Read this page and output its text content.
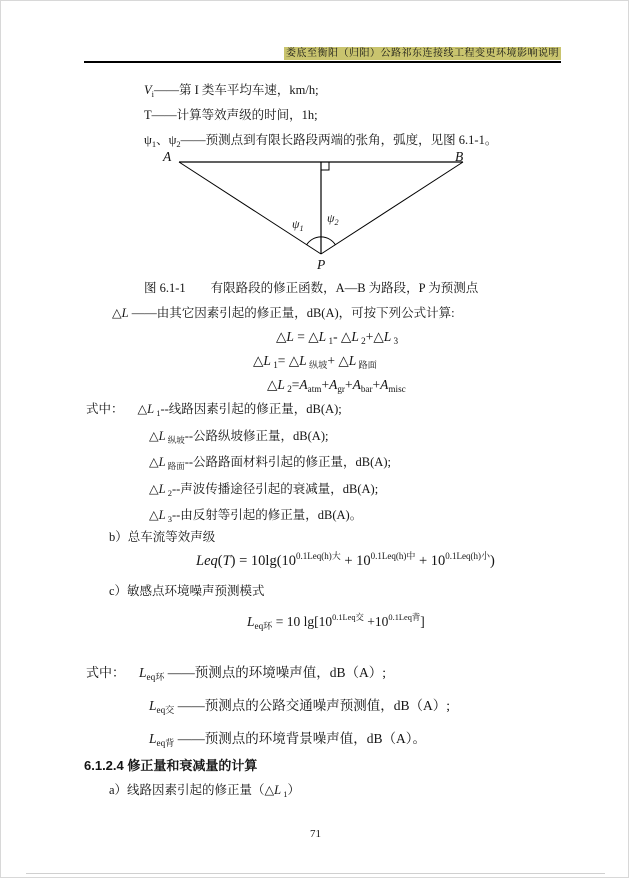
娄底至衡阳（归阳）公路祁东连接线工程变更环境影响说明
$V_i——$第 I 类车平均车速，km/h;
T——计算等效声级的时间，1h;
$\psi_1$、$\psi_2——$预测点到有限长路段两端的张角，弧度，见图 6.1-1。
A	B
$\psi_1$
$\psi_2$
P
图 6.1-1　　有限路段的修正函数，A—B 为路段，P 为预测点
△L ——由其它因素引起的修正量，dB(A)，可按下列公式计算:
△L = △L $_1$- △L $_2$+△L $_3$
△L $_1$= △L $_{纵坡}$+ △L $_{路面}$
△L $_2=A_{atm}+A_{gr}+A_{bar}+A_{misc}$
式中： △L $_1$--线路因素引起的修正量，dB(A);
△L $_{纵坡}$--公路纵坡修正量，dB(A);
△L $_{路面}$--公路路面材料引起的修正量，dB(A);
△L $_2$--声波传播途径引起的衰减量，dB(A);
△L $_3$--由反射等引起的修正量，dB(A)。
b）总车流等效声级
$Leq(T) = 10\lg(10^{0.1Leq(h)大} + 10^{0.1Leq(h)中} + 10^{0.1Leq(h)小})$
c）敏感点环境噪声预测模式
$L_{eq环} = 10$ $\lg[10^{0.1Leq交} +10^{0.1Leq背}]$
式中： $L_{eq环}$ ——预测点的环境噪声值，dB（A）;
$L_{eq交}$ ——预测点的公路交通噪声预测值，dB（A）;
$L_{eq背}$ ——预测点的环境背景噪声值，dB（A）。
6.1.2.4 修正量和衰减量的计算
a）线路因素引起的修正量（△L $_1$）
71
